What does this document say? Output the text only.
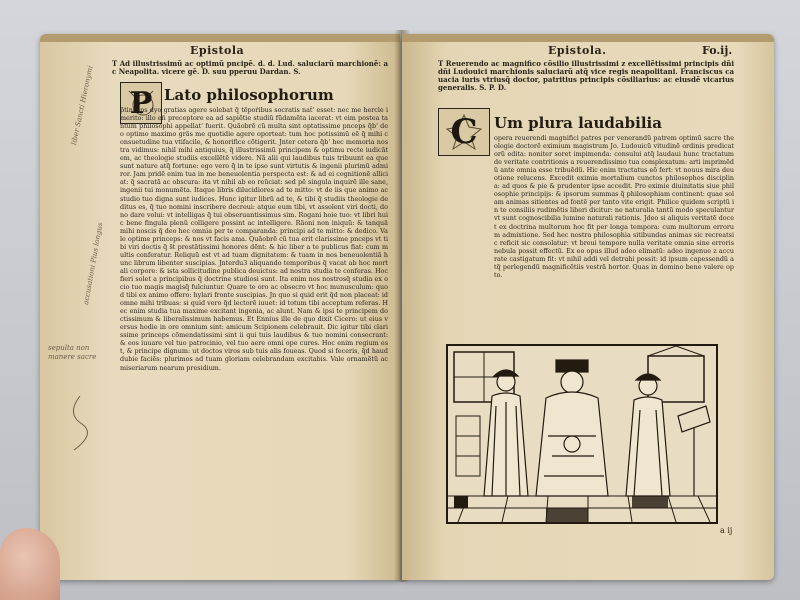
Epistola
T Ad illustrissimũ ac optimũ pncipẽ. d. d. Lud. saluciarũ marchionẽ: ac Neapolita. vicere gẽ. D. suu pperuu Dardan. S.
P Lato philosophorum
p̃tinceps dyo gratias agere solebat q̃ tẽpoṙibus socratis nat̃' esset: nec me hercle imerito: illo eñ preceptore ea ad sapiẽtie studiũ fũdamẽta iacerat: vt eim postea tantum philosophi appellat' fuerit. Quãobrẽ cũ multa sint optatissime pnceps q̃b' deo optimo maximo grãs me quotidie agere oporteat: tum hoc potissimũ eẽ q̃ mihi consuetudine tua vtifacile, & honorifice cõtigerit. Jnter cetera q̃b' hec memoria nostra vidimus: nihil mihi antiquius, q̃ illustrissimũ principem & optimu recte iudicãtem, ac theologie studiis excellẽtẽ videre. Nã alii qui laudibus tuis tribuunt ea que sunt nature atq̃ fortune: ego vero q̃ in te ipso sunt virtutis & ingenii plurimũ admiror. Jam pridẽ enim tua in me beneuolentia perspecta est: & ad ei cognitionẽ alliciat: q̃ sacratã ac obscura: ita vt nihil ab eo reũciat: sed pẽ singula inquirẽ ille sane, ingenii tui monumẽta. Itaque libris dilucidiores ad te mitto: vt de iis que animo ac studio tuo digna sunt iudices. Hunc igitur librũ ad te, & tibi q̃ studiis theologie deditus es, q̃ tuo nomini inscribere decreui: atque eum tibi, vt assolent viri docti, dono dare volui: vt intelligas q̃ tui obseruantissimus sim. Rogani hoie tuo: vt libri huic bene fingula plenũ colligere possint ac intelligere. Rãoni non iniquũ: & tanquã mihi noscis q̃ deo hec omnia per te comparanda: principi ad te mitto: & dedico. Vale optime princeps: & nos vt facis ama. Quãobrẽ cũ tua erit clarissime pnceps vt tibi viri doctis q̃ s̃t prestãtissimi honores dẽnt: & hic liber a te publicus fiat: cum multis conferatur. Reliquũ est vt ad tuam dignitatem: & tuam in nos beneuolentiã hunc librum libenter suscipias. Jnterdu3 aliquando temporibus q̃ vacat ab hoc mortali corpore: & ista sollicitudine publica deuictus: ad nostra studia te conferas. Hoc fieri solet a principibus q̃ doctrine studiosi sunt. Ita enim nos nostrosq̃ studia ex ocio tuo magis magisq̃ fulciuntur. Quare te oro ac obsecro vt hoc munusculum: quod tibi ex animo offero: hylari fronte suscipias. Jn quo si quid erit q̃d non placeat: id omne mihi tribuas: si quid vero q̃d lectorẽ iuuet: id totum tibi acceptum referas. Hec enim studia tua maxime excitant ingenia, ac alunt. Nam & ipsi te principem doctissimum & liberalissimum habemus. Et Ennius ille de quo dixit Cicero: ut eius versus hodie in ore omnium sint: amicum Scipionem celebrauit. Dic igitur tibi clarissime princeps cõmendatissimi sint ii qui tuis laudibus & tuo nomini consecrant: & eos iuuare vel tuo patrocinio, vel tuo aere omni ope cures. Hoc enim regium est, & principe dignum: ut doctos viros sub tuis alis foueas. Quod si feceris, q̃d haud dubie faciẽs: plurimos ad tuam gloriam celebrandam excitabis. Vale ornamẽtũ ac miseriarum nearum presidium.
liber Sancti Hieronymi
accusationi Pius longus
sepulta non manere sacre
Epistola.	Fo.ij.
T Reuerendo ac magnifico cõsilio illustrissimi z excellẽtissimi principis dñi dñi Ludouici marchionis saluciarũ atq̃ vice regis neapolitani. Franciscus cauacia iuris vtriusq̃ doctor, patritius principis cõsiliarius: ac eiusdẽ vicarius generalis. S. P. D.
C Um plura laudabilia
opera reuerendi magnifici patres per venerandũ patrem optimũ sacre theologie doctorẽ eximium magistrum Jo. Ludouicũ vitudinẽ ordinis predicatorũ edita: noniter soret impimenda: consului atq̃ laudaui hunc tractatum de veritate contritionis a reuerendissimo tua complexatum: arti imprimẽdũ ante omnia esse tribuẽdũ. Hic enim tractatus eõ fert: vt nouus mira deuotione relucens. Excedit eximia mortalium cunctos philosophos disciplina: ad quos & pie & prudenter ipse accedit. Pro eximie diuinitatis siue philosophie principijs: & ipsorum summas q̃ philosophiam continent: quae solam animas sitientes ad fontẽ per tanto vite erigit. Philice quidem scriptũ in te consiliis rudimẽtis liberi dicitur: ne naturalia tantũ modo speculantur vt sunt cognoscibilia lumine naturali rationis. Jdeo si aliquis veritatẽ docet ex doctrina multorum hoc fit per longa tempora: cum multorum errorum admixtione. Sed hec nostra philosophia sitibundas animas sic recreatsic reficit sic consolatur: vt breui tempore nulla veritate omnia sine erroris nebula possit effectũ. Ex eo opus illud adeo elimatũ: adeo ingenue z accurate castigatum fit: vt nihil addi vel detrahi possit: id ipsum capessendũ atq̃ perlegendũ magnificẽtiis vestrã hortor. Quas in domino bene valere opto.
a ij
